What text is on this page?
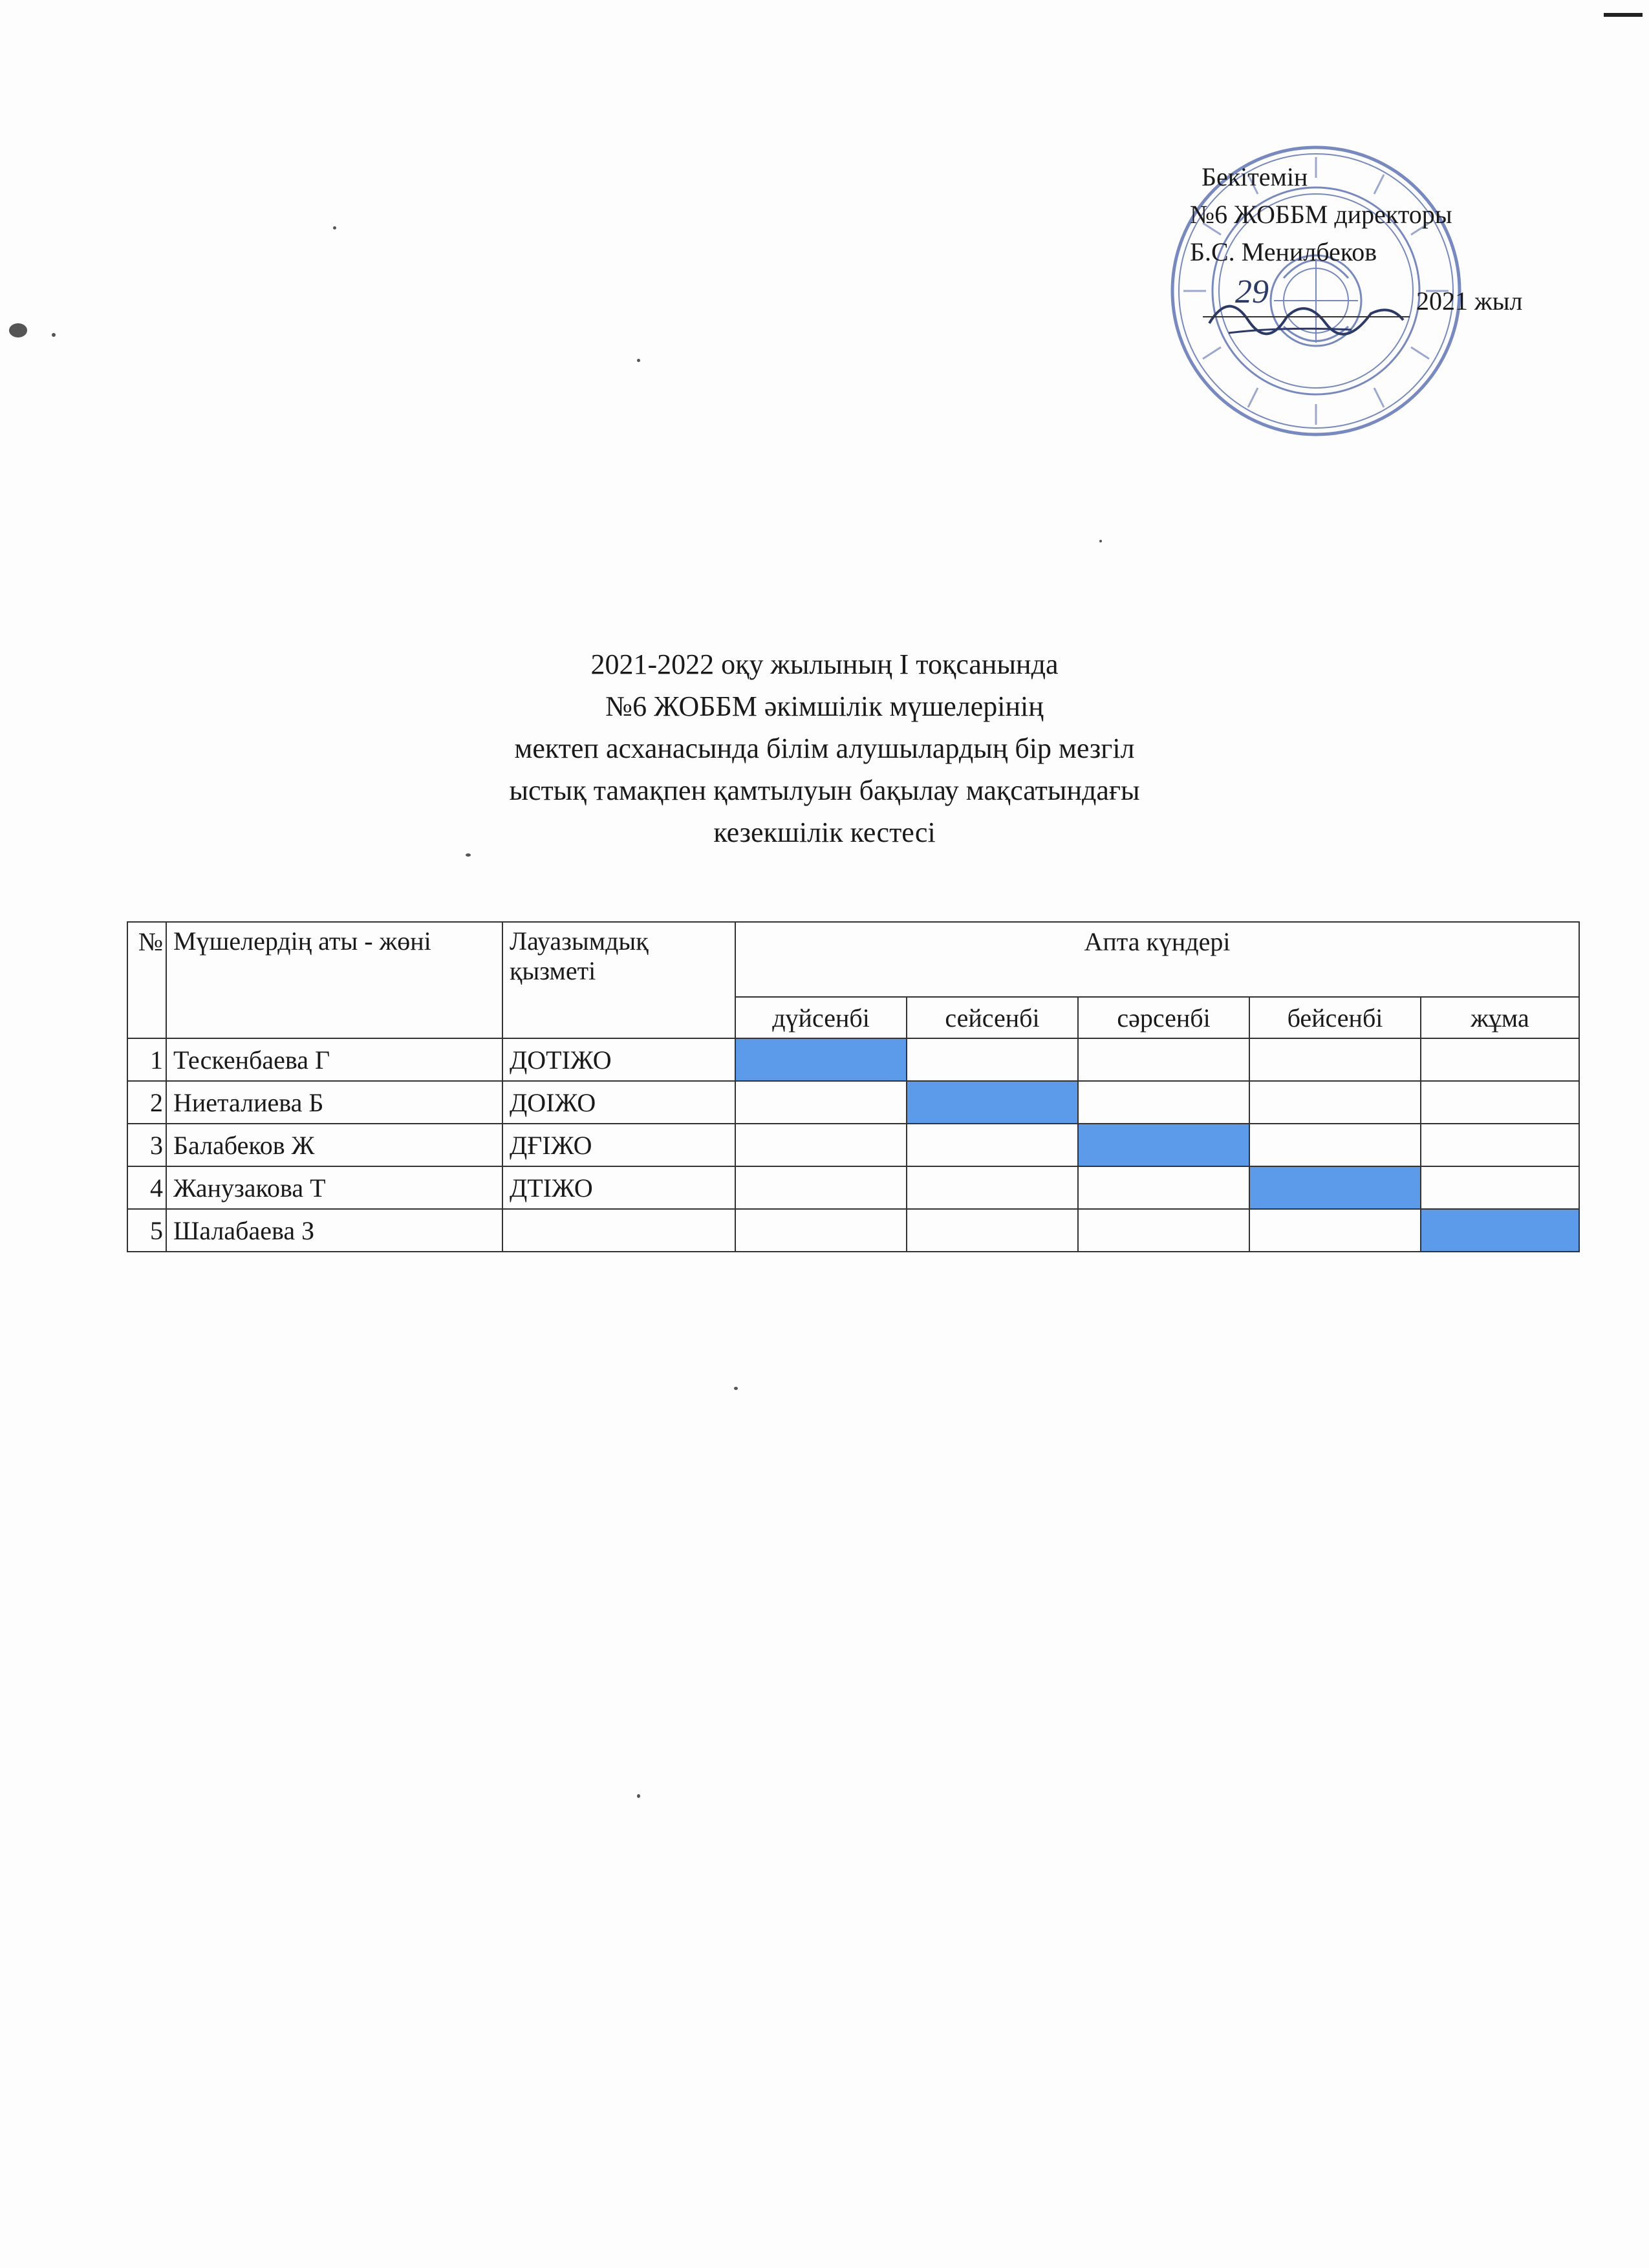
Бекітемін
№6 ЖОББМ директоры
Б.С. Менилбеков
29	2021 жыл
2021-2022 оқу жылының І тоқсанында
№6 ЖОББМ әкімшілік мүшелерінің
мектеп асханасында білім алушылардың бір мезгіл
ыстық тамақпен қамтылуын бақылау мақсатындағы
кезекшілік кестесі
№	Мүшелердің аты - жөні	Лауазымдық қызметі	Апта күндері				
			дүйсенбі	сейсенбі	сәрсенбі	бейсенбі	жұма
1	Тескенбаева Г	ДОТІЖО					
2	Ниеталиева Б	ДОІЖО					
3	Балабеков Ж	ДҒІЖО					
4	Жанузакова Т	ДТІЖО					
5	Шалабаева З						
